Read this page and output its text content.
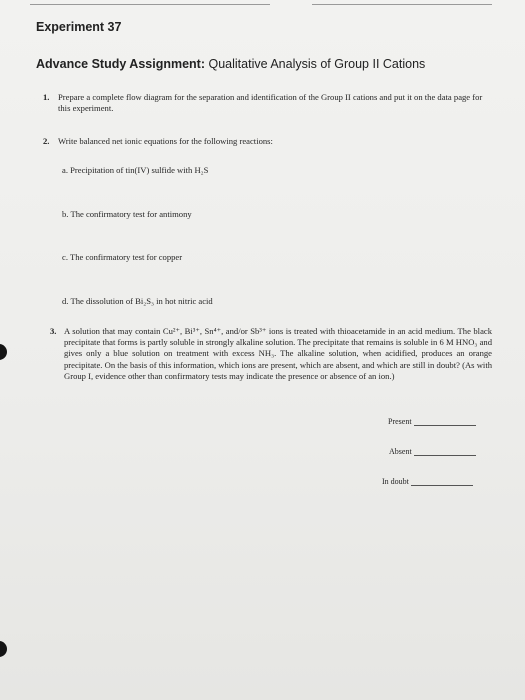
Experiment 37
Advance Study Assignment: Qualitative Analysis of Group II Cations
1. Prepare a complete flow diagram for the separation and identification of the Group II cations and put it on the data page for this experiment.
2. Write balanced net ionic equations for the following reactions:
a. Precipitation of tin(IV) sulfide with H₂S
b. The confirmatory test for antimony
c. The confirmatory test for copper
d. The dissolution of Bi₂S₃ in hot nitric acid
3. A solution that may contain Cu²⁺, Bi³⁺, Sn⁴⁺, and/or Sb³⁺ ions is treated with thioacetamide in an acid medium. The black precipitate that forms is partly soluble in strongly alkaline solution. The precipitate that remains is soluble in 6 M HNO₃ and gives only a blue solution on treatment with excess NH₃. The alkaline solution, when acidified, produces an orange precipitate. On the basis of this information, which ions are present, which are absent, and which are still in doubt? (As with Group I, evidence other than confirmatory tests may indicate the presence or absence of an ion.)
Present
Absent
In doubt
